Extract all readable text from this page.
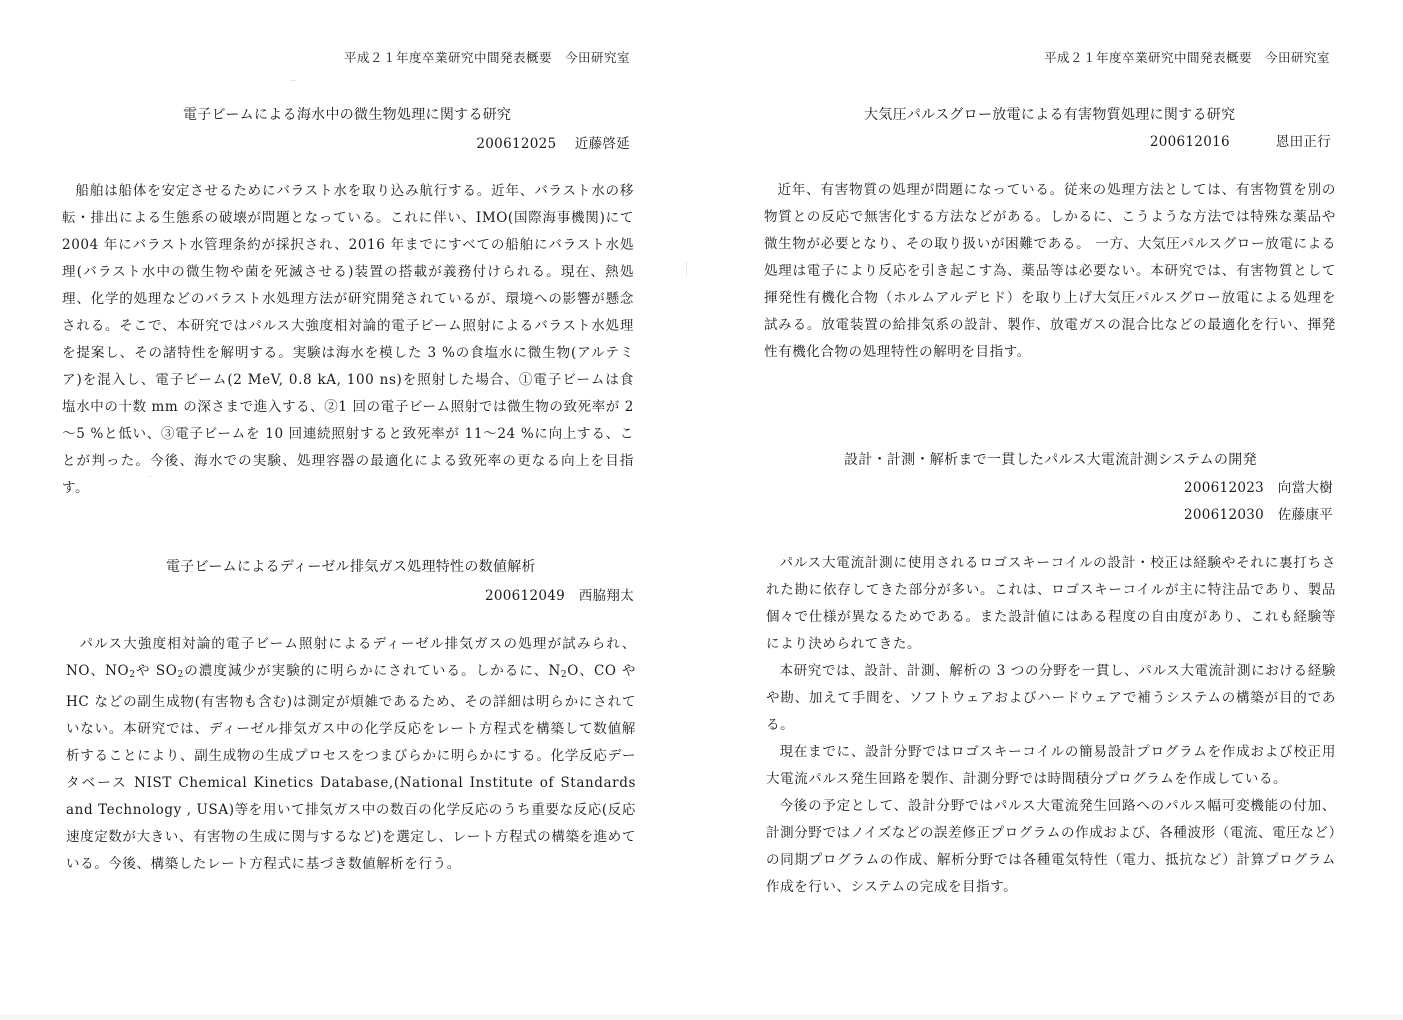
平成２１年度卒業研究中間発表概要　今田研究室
電子ビームによる海水中の微生物処理に関する研究
200612025 近藤啓延

船舶は船体を安定させるためにバラスト水を取り込み航行する。近年、バラスト水の移転・排出による生態系の破壊が問題となっている。これに伴い、IMO(国際海事機関)にて 2004 年にバラスト水管理条約が採択され、2016 年までにすべての船舶にバラスト水処理(バラスト水中の微生物や菌を死滅させる)装置の搭載が義務付けられる。現在、熱処理、化学的処理などのバラスト水処理方法が研究開発されているが、環境への影響が懸念される。そこで、本研究ではパルス大強度相対論的電子ビーム照射によるバラスト水処理を提案し、その諸特性を解明する。実験は海水を模した 3 %の食塩水に微生物(アルテミア)を混入し、電子ビーム(2 MeV, 0.8 kA, 100 ns)を照射した場合、①電子ビームは食塩水中の十数 mm の深さまで進入する、②1 回の電子ビーム照射では微生物の致死率が 2～5 %と低い、③電子ビームを 10 回連続照射すると致死率が 11～24 %に向上する、ことが判った。今後、海水での実験、処理容器の最適化による致死率の更なる向上を目指す。

電子ビームによるディーゼル排気ガス処理特性の数値解析
200612049 西脇翔太

パルス大強度相対論的電子ビーム照射によるディーゼル排気ガスの処理が試みられ、NO、$NO_2$や $SO_2$の濃度減少が実験的に明らかにされている。しかるに、$N_2O$、CO や HC などの副生成物(有害物も含む)は測定が煩雑であるため、その詳細は明らかにされていない。本研究では、ディーゼル排気ガス中の化学反応をレート方程式を構築して数値解析することにより、副生成物の生成プロセスをつまびらかに明らかにする。化学反応データベース NIST Chemical Kinetics Database,(National Institute of Standards and Technology , USA)等を用いて排気ガス中の数百の化学反応のうち重要な反応(反応速度定数が大きい、有害物の生成に関与するなど)を選定し、レート方程式の構築を進めている。今後、構築したレート方程式に基づき数値解析を行う。

平成２１年度卒業研究中間発表概要　今田研究室
大気圧パルスグロー放電による有害物質処理に関する研究
200612016	恩田正行

近年、有害物質の処理が問題になっている。従来の処理方法としては、有害物質を別の物質との反応で無害化する方法などがある。しかるに、こうような方法では特殊な薬品や微生物が必要となり、その取り扱いが困難である。 一方、大気圧パルスグロー放電による処理は電子により反応を引き起こす為、薬品等は必要ない。本研究では、有害物質として揮発性有機化合物（ホルムアルデヒド）を取り上げ大気圧パルスグロー放電による処理を試みる。放電装置の給排気系の設計、製作、放電ガスの混合比などの最適化を行い、揮発性有機化合物の処理特性の解明を目指す。

設計・計測・解析まで一貫したパルス大電流計測システムの開発
200612023 向當大樹
200612030 佐藤康平

パルス大電流計測に使用されるロゴスキーコイルの設計・校正は経験やそれに裏打ちされた勘に依存してきた部分が多い。これは、ロゴスキーコイルが主に特注品であり、製品個々で仕様が異なるためである。また設計値にはある程度の自由度があり、これも経験等により決められてきた。

本研究では、設計、計測、解析の 3 つの分野を一貫し、パルス大電流計測における経験や勘、加えて手間を、ソフトウェアおよびハードウェアで補うシステムの構築が目的である。

現在までに、設計分野ではロゴスキーコイルの簡易設計プログラムを作成および校正用大電流パルス発生回路を製作、計測分野では時間積分プログラムを作成している。

今後の予定として、設計分野ではパルス大電流発生回路へのパルス幅可変機能の付加、計測分野ではノイズなどの誤差修正プログラムの作成および、各種波形（電流、電圧など）の同期プログラムの作成、解析分野では各種電気特性（電力、抵抗など）計算プログラム作成を行い、システムの完成を目指す。
